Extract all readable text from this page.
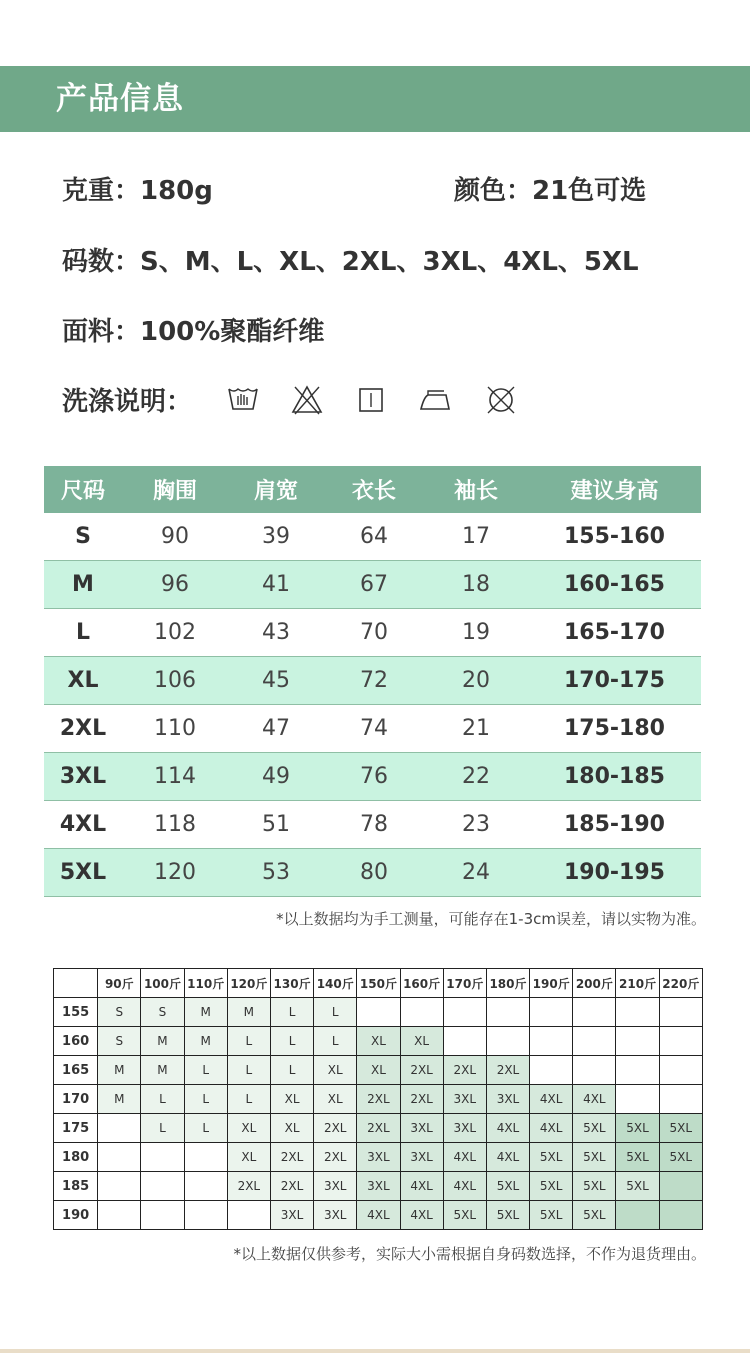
产品信息
克重：180g	颜色：21色可选
码数：S、M、L、XL、2XL、3XL、4XL、5XL
面料：100%聚酯纤维
洗涤说明：
尺码	胸围	肩宽	衣长	袖长	建议身高
S	90	39	64	17	155-160
M	96	41	67	18	160-165
L	102	43	70	19	165-170
XL	106	45	72	20	170-175
2XL	110	47	74	21	175-180
3XL	114	49	76	22	180-185
4XL	118	51	78	23	185-190
5XL	120	53	80	24	190-195
*以上数据均为手工测量，可能存在1-3cm误差，请以实物为准。
	90斤	100斤	110斤	120斤	130斤	140斤	150斤	160斤	170斤	180斤	190斤	200斤	210斤	220斤
155	S	S	M	M	L	L								
160	S	M	M	L	L	L	XL	XL						
165	M	M	L	L	L	XL	XL	2XL	2XL	2XL				
170	M	L	L	L	XL	XL	2XL	2XL	3XL	3XL	4XL	4XL		
175		L	L	XL	XL	2XL	2XL	3XL	3XL	4XL	4XL	5XL	5XL	5XL
180				XL	2XL	2XL	3XL	3XL	4XL	4XL	5XL	5XL	5XL	5XL
185				2XL	2XL	3XL	3XL	4XL	4XL	5XL	5XL	5XL	5XL	
190					3XL	3XL	4XL	4XL	5XL	5XL	5XL	5XL		
*以上数据仅供参考，实际大小需根据自身码数选择，不作为退货理由。
